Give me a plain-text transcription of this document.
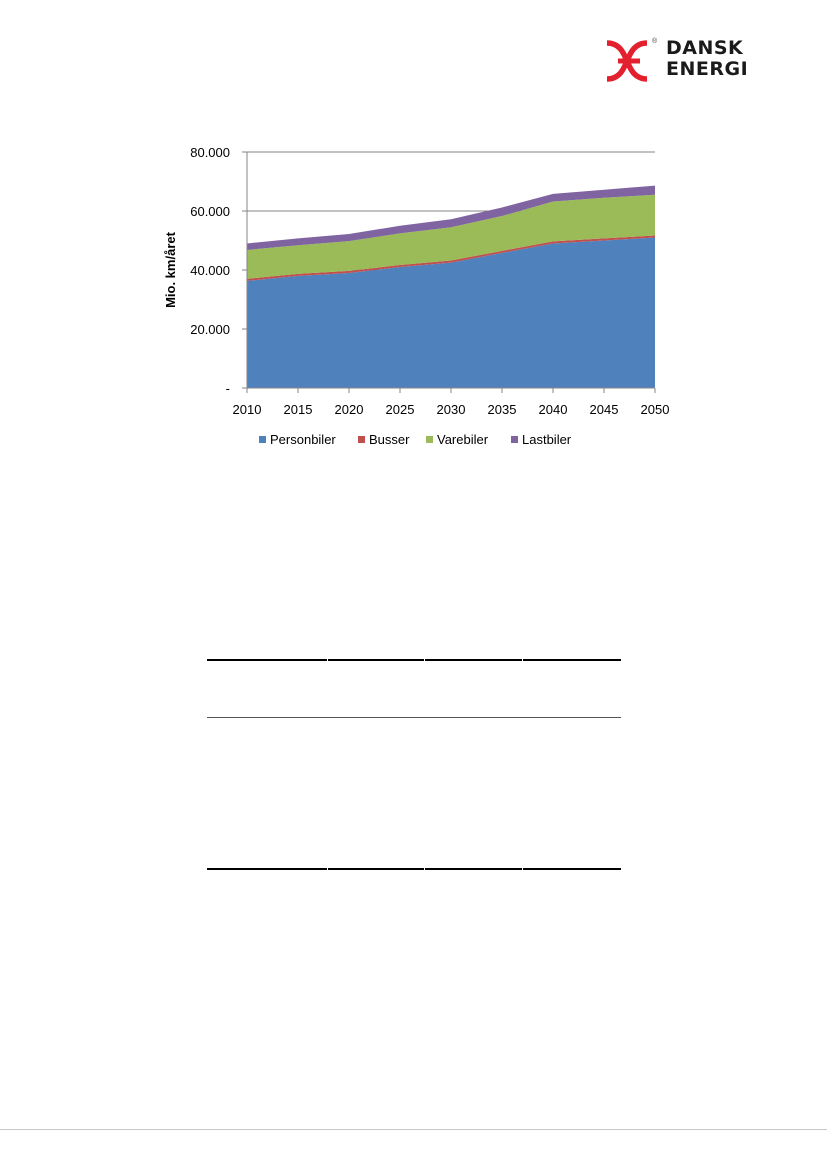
® DANSK
ENERGI
-
20.000
40.000
60.000
80.000
2010 2015 2020 2025 2030 2035 2040 2045 2050
Mio. km/året
Personbiler	Busser Varebiler	Lastbiler
